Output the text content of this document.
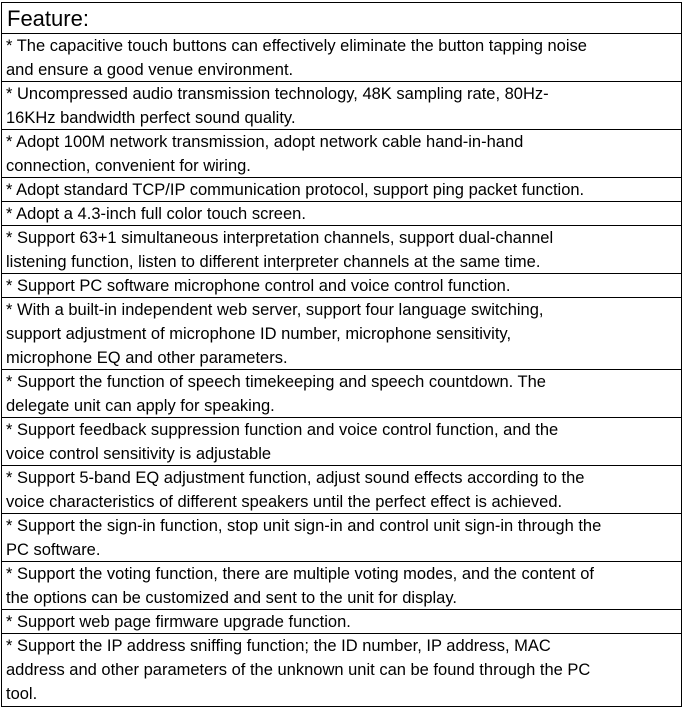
Feature:
* The capacitive touch buttons can effectively eliminate the button tapping noise
and ensure a good venue environment.
* Uncompressed audio transmission technology, 48K sampling rate, 80Hz-
16KHz bandwidth perfect sound quality.
* Adopt 100M network transmission, adopt network cable hand-in-hand
connection, convenient for wiring.
* Adopt standard TCP/IP communication protocol, support ping packet function.
* Adopt a 4.3-inch full color touch screen.
* Support 63+1 simultaneous interpretation channels, support dual-channel
listening function, listen to different interpreter channels at the same time.
* Support PC software microphone control and voice control function.
* With a built-in independent web server, support four language switching,
support adjustment of microphone ID number, microphone sensitivity,
microphone EQ and other parameters.
* Support the function of speech timekeeping and speech countdown. The
delegate unit can apply for speaking.
* Support feedback suppression function and voice control function, and the
voice control sensitivity is adjustable
* Support 5-band EQ adjustment function, adjust sound effects according to the
voice characteristics of different speakers until the perfect effect is achieved.
* Support the sign-in function, stop unit sign-in and control unit sign-in through the
PC software.
* Support the voting function, there are multiple voting modes, and the content of
the options can be customized and sent to the unit for display.
* Support web page firmware upgrade function.
* Support the IP address sniffing function; the ID number, IP address, MAC
address and other parameters of the unknown unit can be found through the PC
tool.
